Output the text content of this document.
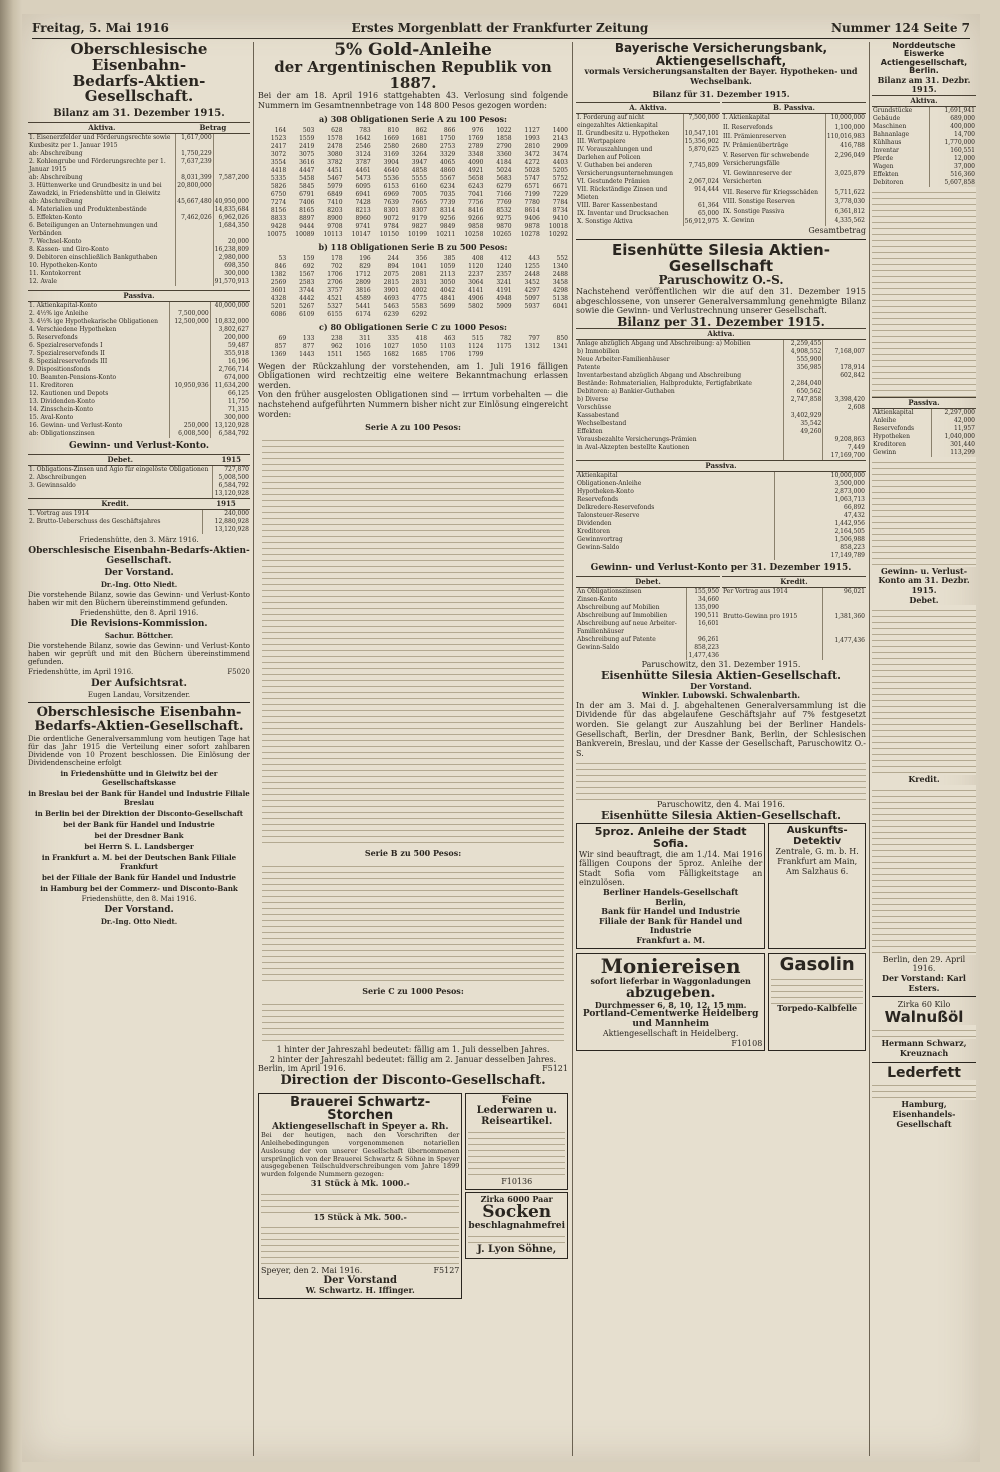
Freitag, 5. Mai 1916	Erstes Morgenblatt der Frankfurter Zeitung	Nummer 124 Seite 7
Oberschlesische Eisenbahn-
Bedarfs-Aktien-Gesellschaft.
Bilanz am 31. Dezember 1915.
Aktiva.	Betrag	
1. Eisenerzfelder und Förderungsrechte sowie Kuxbesitz per 1. Januar 1915	1,617,000	
ab: Abschreibung	1,750,229	
2. Kohlengrube und Förderungsrechte per 1. Januar 1915	7,637,239	
ab: Abschreibung	8,031,399	7,587,200
3. Hüttenwerke und Grundbesitz in und bei Zawadzki, in Friedenshütte und in Gleiwitz	20,800,000	
ab: Abschreibung	45,667,480	40,950,000
4. Materialien und Produktenbestände		14,835,684
5. Effekten-Konto	7,462,026	6,962,026
6. Beteiligungen an Unternehmungen und Verbänden		1,684,350
7. Wechsel-Konto		20,000
8. Kassen- und Giro-Konto		16,238,809
9. Debitoren einschließlich Bankguthaben		2,980,000
10. Hypotheken-Konto		698,350
11. Kontokorrent		300,000
12. Avale		91,570,913
Passiva.		
1. Aktienkapital-Konto		40,000,000
2. 4½% ige Anleihe	7,500,000	
3. 4½% ige Hypothekarische Obligationen	12,500,000	10,832,000
4. Verschiedene Hypotheken		3,802,627
5. Reservefonds		200,000
6. Spezialreservefonds I		59,487
7. Spezialreservefonds II		355,918
8. Spezialreservefonds III		16,196
9. Dispositionsfonds		2,766,714
10. Beamten-Pensions-Konto		674,000
11. Kreditoren	10,950,936	11,634,200
12. Kautionen und Depots		66,125
13. Dividenden-Konto		11,750
14. Zinsschein-Konto		71,315
15. Aval-Konto		300,000
16. Gewinn- und Verlust-Konto	250,000	13,120,928
ab: Obligationszinsen	6,008,500	6,584,792
Gewinn- und Verlust-Konto.
Debet.	1915
1. Obligations-Zinsen und Agio für eingelöste Obligationen	727,870
2. Abschreibungen	5,008,500
3. Gewinnsaldo	6,584,792
	13,120,928
Kredit.	1915
1. Vortrag aus 1914	240,000
2. Brutto-Ueberschuss des Geschäftsjahres	12,880,928
	13,120,928
Friedenshütte, den 3. März 1916.
Oberschlesische Eisenbahn-Bedarfs-Aktien-Gesellschaft.
Der Vorstand.
Dr.-Ing. Otto Niedt.
Die vorstehende Bilanz, sowie das Gewinn- und Verlust-Konto haben wir mit den Büchern übereinstimmend gefunden.
Friedenshütte, den 8. April 1916.
Die Revisions-Kommission.
Sachur. Böttcher.
Die vorstehende Bilanz, sowie das Gewinn- und Verlust-Konto haben wir geprüft und mit den Büchern übereinstimmend gefunden.
Friedenshütte, im April 1916.	F5020
Der Aufsichtsrat.
Eugen Landau, Vorsitzender.
Oberschlesische Eisenbahn-
Bedarfs-Aktien-Gesellschaft.
Die ordentliche Generalversammlung vom heutigen Tage hat für das Jahr 1915 die Verteilung einer sofort zahlbaren Dividende von 10 Prozent beschlossen. Die Einlösung der Dividendenscheine erfolgt
in Friedenshütte und in Gleiwitz bei der Gesellschaftskasse
in Breslau bei der Bank für Handel und Industrie Filiale Breslau
in Berlin bei der Direktion der Disconto-Gesellschaft
bei der Bank für Handel und Industrie
bei der Dresdner Bank
bei Herrn S. L. Landsberger
in Frankfurt a. M. bei der Deutschen Bank Filiale Frankfurt
bei der Filiale der Bank für Handel und Industrie
in Hamburg bei der Commerz- und Disconto-Bank
Friedenshütte, den 8. Mai 1916.
Der Vorstand.
Dr.-Ing. Otto Niedt.
5% Gold-Anleihe
der Argentinischen Republik von 1887.
Bei der am 18. April 1916 stattgehabten 43. Verlosung sind folgende Nummern im Gesamtnennbetrage von 148 800 Pesos gezogen worden:
a) 308 Obligationen Serie A zu 100 Pesos:
164	503	628	783	810	862	866	976	1022	1127	1400
1523	1559	1578	1642	1669	1681	1750	1769	1858	1993	2143
2417	2419	2478	2546	2580	2680	2753	2789	2790	2810	2909
3072	3075	3080	3124	3169	3264	3329	3348	3360	3472	3474
3554	3616	3782	3787	3904	3947	4065	4090	4184	4272	4403
4418	4447	4451	4461	4640	4858	4860	4921	5024	5028	5205
5335	5458	5467	5473	5536	5555	5567	5658	5683	5747	5752
5826	5845	5979	6095	6153	6160	6234	6243	6279	6571	6671
6750	6791	6849	6941	6969	7005	7035	7041	7166	7199	7229
7274	7406	7410	7428	7639	7665	7739	7756	7769	7780	7784
8156	8165	8203	8213	8301	8307	8314	8416	8532	8614	8734
8833	8897	8900	8960	9072	9179	9256	9266	9275	9406	9410
9428	9444	9708	9741	9784	9827	9849	9858	9870	9878	10018
10075	10089	10113	10147	10150	10199	10211	10258	10265	10278	10292
b) 118 Obligationen Serie B zu 500 Pesos:
53	159	178	196	244	356	385	408	412	443	552
846	692	702	829	894	1041	1059	1120	1240	1255	1340
1382	1567	1706	1712	2075	2081	2113	2237	2357	2448	2488
2569	2583	2706	2809	2815	2831	3050	3064	3241	3452	3458
3601	3744	3757	3816	3901	4002	4042	4141	4191	4297	4298
4328	4442	4521	4589	4693	4775	4841	4906	4948	5097	5138
5201	5267	5327	5441	5463	5583	5699	5802	5909	5937	6041
6086	6109	6155	6174	6239	6292
c) 80 Obligationen Serie C zu 1000 Pesos:
69	133	238	311	335	418	463	515	782	797	850
857	877	962	1016	1027	1050	1103	1124	1175	1312	1341
1369	1443	1511	1565	1682	1685	1706	1799
Wegen der Rückzahlung der vorstehenden, am 1. Juli 1916 fälligen Obligationen wird rechtzeitig eine weitere Bekanntmachung erlassen werden.
Von den früher ausgelosten Obligationen sind — irrtum vorbehalten — die nachstehend aufgeführten Nummern bisher nicht zur Einlösung eingereicht worden:
Serie A zu 100 Pesos:
Serie B zu 500 Pesos:
Serie C zu 1000 Pesos:
1 hinter der Jahreszahl bedeutet: fällig am 1. Juli desselben Jahres.
2 hinter der Jahreszahl bedeutet: fällig am 2. Januar desselben Jahres.
Berlin, im April 1916.	F5121
Direction der Disconto-Gesellschaft.
Brauerei Schwartz-Storchen
Aktiengesellschaft in Speyer a. Rh.
Bei der heutigen, nach den Vorschriften der Anleihebedingungen vorgenommenen notariellen Auslosung der von unserer Gesellschaft übernommenen ursprünglich von der Brauerei Schwartz & Söhne in Speyer ausgegebenen Teilschuldverschreibungen vom Jahre 1899 wurden folgende Nummern gezogen:
31 Stück à Mk. 1000.-
15 Stück à Mk. 500.-
Speyer, den 2. Mai 1916.	F5127
Der Vorstand
W. Schwartz. H. Iffinger.
Feine Lederwaren u. Reiseartikel.
F10136
Zirka 6000 Paar
Socken
beschlagnahmefrei
J. Lyon Söhne,
Bayerische Versicherungsbank, Aktiengesellschaft,
vormals Versicherungsanstalten der Bayer. Hypotheken- und Wechselbank.
Bilanz für 31. Dezember 1915.
A. Aktiva.	
I. Forderung auf nicht eingezahltes Aktienkapital	7,500,000
II. Grundbesitz u. Hypotheken	10,547,101
III. Wertpapiere	15,356,902
IV. Vorauszahlungen und Darlehen auf Policen	5,870,625
V. Guthaben bei anderen Versicherungsunternehmungen	7,745,809
VI. Gestundete Prämien	2,067,024
VII. Rückständige Zinsen und Mieten	914,444
VIII. Barer Kassenbestand	61,364
IX. Inventar und Drucksachen	65,000
X. Sonstige Aktiva	56,912,975
B. Passiva.	
I. Aktienkapital	10,000,000
II. Reservefonds	1,100,000
III. Prämienreserven	110,016,983
IV. Prämienüberträge	416,788
V. Reserven für schwebende Versicherungsfälle	2,296,049
VI. Gewinnreserve der Versicherten	3,025,879
VII. Reserve für Kriegsschäden	5,711,622
VIII. Sonstige Reserven	3,778,030
IX. Sonstige Passiva	6,361,812
X. Gewinn	4,335,562
Gesamtbetrag
Eisenhütte Silesia Aktien-Gesellschaft
Paruschowitz O.-S.
Nachstehend veröffentlichen wir die auf den 31. Dezember 1915 abgeschlossene, von unserer Generalversammlung genehmigte Bilanz sowie die Gewinn- und Verlustrechnung unserer Gesellschaft.
Bilanz per 31. Dezember 1915.
Aktiva.		
Anlage abzüglich Abgang und Abschreibung: a) Mobilien	2,259,455	
b) Immobilien	4,908,552	7,168,007
Neue Arbeiter-Familienhäuser	555,900	
Patente	356,985	178,914
Inventarbestand abzüglich Abgang und Abschreibung		602,842
Bestände: Rohmaterialien, Halbprodukte, Fertigfabrikate	2,284,040	
Debitoren: a) Bankier-Guthaben	650,562	
b) Diverse	2,747,858	3,398,420
Vorschüsse		2,608
Kassabestand	3,402,929	
Wechselbestand	35,542	
Effekten	49,260	
Vorausbezahlte Versicherungs-Prämien		9,208,863
in Aval-Akzepten bestellte Kautionen		7,449
		17,169,700
Passiva.	
Aktienkapital	10,000,000
Obligationen-Anleihe	3,500,000
Hypotheken-Konto	2,873,000
Reservefonds	1,063,713
Delkredere-Reservefonds	66,892
Talonsteuer-Reserve	47,432
Dividenden	1,442,956
Kreditoren	2,164,505
Gewinnvortrag	1,506,988
Gewinn-Saldo	858,223
	17,149,789
Gewinn- und Verlust-Konto per 31. Dezember 1915.
Debet.	
An Obligationszinsen	155,950
Zinsen-Konto	34,660
Abschreibung auf Mobilien	135,090
Abschreibung auf Immobilien	190,511
Abschreibung auf neue Arbeiter-Familienhäuser	16,601
Abschreibung auf Patente	96,261
Gewinn-Saldo	858,223
	1,477,436
Kredit.	
Per Vortrag aus 1914	96,021
Brutto-Gewinn pro 1915	1,381,360
	1,477,436
Paruschowitz, den 31. Dezember 1915.
Eisenhütte Silesia Aktien-Gesellschaft.
Der Vorstand.
Winkler. Lubowski. Schwalenbarth.
In der am 3. Mai d. J. abgehaltenen Generalversammlung ist die Dividende für das abgelaufene Geschäftsjahr auf 7% festgesetzt worden. Sie gelangt zur Auszahlung bei der Berliner Handels-Gesellschaft, Berlin, der Dresdner Bank, Berlin, der Schlesischen Bankverein, Breslau, und der Kasse der Gesellschaft, Paruschowitz O.-S.
Paruschowitz, den 4. Mai 1916.
Eisenhütte Silesia Aktien-Gesellschaft.
5proz. Anleihe der Stadt Sofia.
Wir sind beauftragt, die am 1./14. Mai 1916 fälligen Coupons der 5proz. Anleihe der Stadt Sofia vom Fälligkeitstage an einzulösen.
Berliner Handels-Gesellschaft
Berlin,
Bank für Handel und Industrie
Filiale der Bank für Handel und Industrie
Frankfurt a. M.
Auskunfts-Detektiv
Zentrale, G. m. b. H. Frankfurt am Main, Am Salzhaus 6.
Moniereisen
sofort lieferbar in Waggonladungen
abzugeben.
Durchmesser 6, 8, 10, 12, 15 mm.
Portland-Cementwerke Heidelberg und Mannheim
Aktiengesellschaft in Heidelberg.
F10108
Gasolin
Torpedo-Kalbfelle
Norddeutsche Eiswerke Actiengesellschaft, Berlin.
Bilanz am 31. Dezbr. 1915.
Aktiva.	
Grundstücke	1,691,941
Gebäude	689,000
Maschinen	400,000
Bahnanlage	14,700
Kühlhaus	1,770,000
Inventar	160,551
Pferde	12,000
Wagen	37,000
Effekten	516,360
Debitoren	5,607,858
Passiva.	
Aktienkapital	2,297,000
Anleihe	42,000
Reservefonds	11,957
Hypotheken	1,040,000
Kreditoren	301,440
Gewinn	113,299
Gewinn- u. Verlust-Konto am 31. Dezbr. 1915.
Debet.
Kredit.
Berlin, den 29. April 1916.
Der Vorstand: Karl Esters.
Zirka 60 Kilo
Walnußöl
Hermann Schwarz, Kreuznach
Lederfett
Hamburg, Eisenhandels-Gesellschaft
